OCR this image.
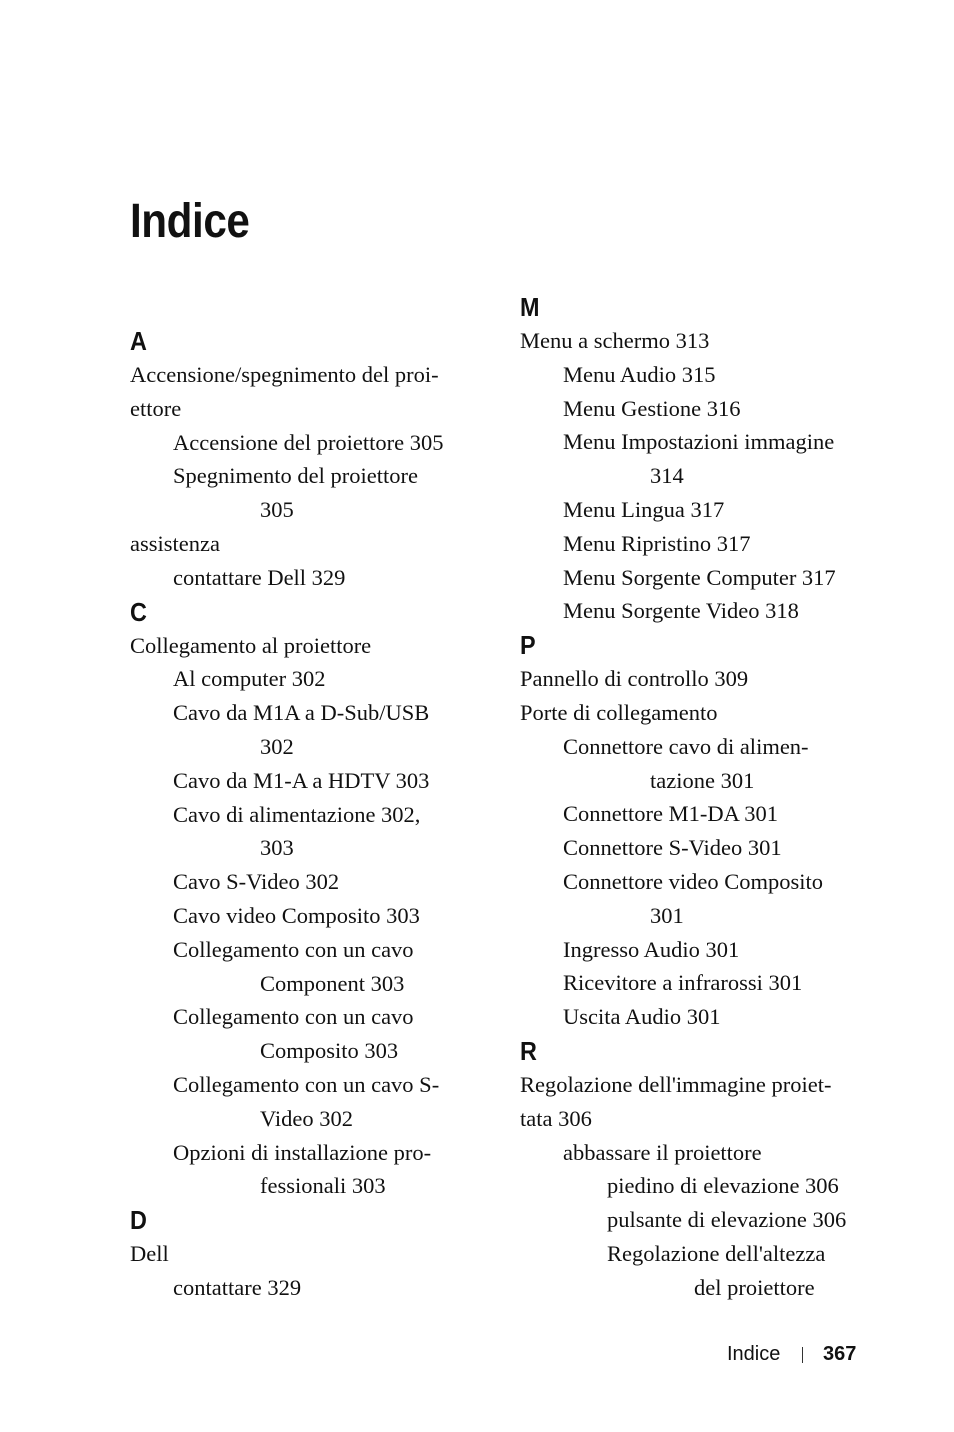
Indice
A
Accensione/spegnimento del proi-
ettore
Accensione del proiettore 305
Spegnimento del proiettore
305
assistenza
contattare Dell 329
C
Collegamento al proiettore
Al computer 302
Cavo da M1A a D-Sub/USB
302
Cavo da M1-A a HDTV 303
Cavo di alimentazione 302,
303
Cavo S-Video 302
Cavo video Composito 303
Collegamento con un cavo
Component 303
Collegamento con un cavo
Composito 303
Collegamento con un cavo S-
Video 302
Opzioni di installazione pro-
fessionali 303
D
Dell
contattare 329
M
Menu a schermo 313
Menu Audio 315
Menu Gestione 316
Menu Impostazioni immagine
314
Menu Lingua 317
Menu Ripristino 317
Menu Sorgente Computer 317
Menu Sorgente Video 318
P
Pannello di controllo 309
Porte di collegamento
Connettore cavo di alimen-
tazione 301
Connettore M1-DA 301
Connettore S-Video 301
Connettore video Composito
301
Ingresso Audio 301
Ricevitore a infrarossi 301
Uscita Audio 301
R
Regolazione dell'immagine proiet-
tata 306
abbassare il proiettore
piedino di elevazione 306
pulsante di elevazione 306
Regolazione dell'altezza
del proiettore
Indice 367
